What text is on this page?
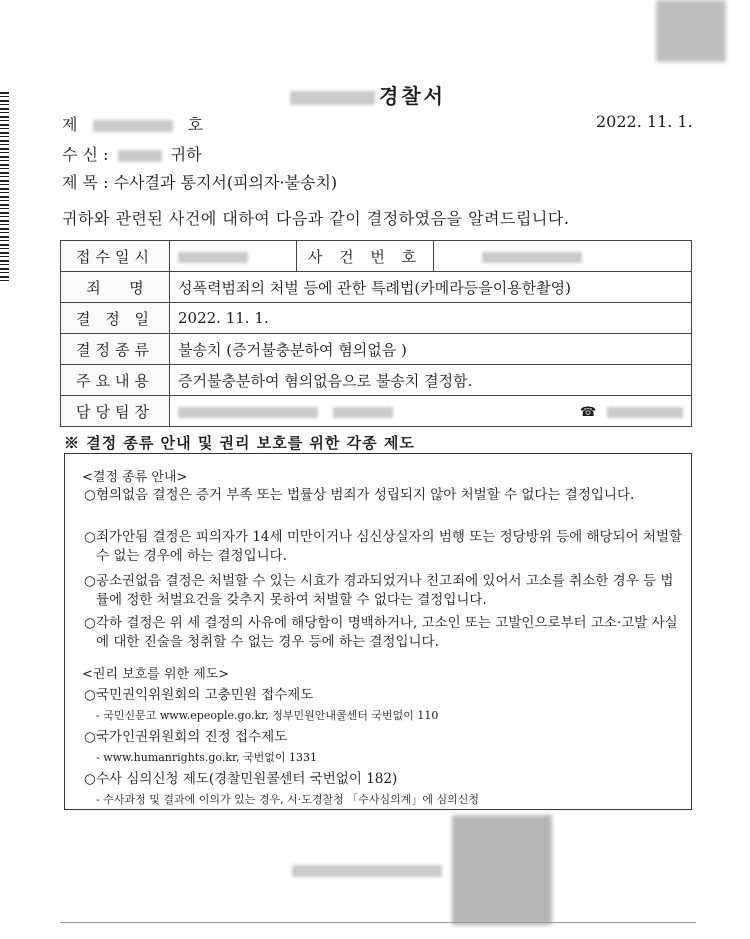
경찰서
제	호	2022. 11. 1.
수 신 :	귀하
제 목 : 수사결과 통지서(피의자·불송치)
귀하와 관련된 사건에 대하여 다음과 같이 결정하였음을 알려드립니다.
접수일시		사 건 번 호	
죄      명	성폭력범죄의 처벌 등에 관한 특례법(카메라등을이용한촬영)		
결 정 일	2022. 11. 1.		
결정종류	불송치 (증거불충분하여 혐의없음 )		
주요내용	증거불충분하여 혐의없음으로 불송치 결정함.		
담당팀장	☎		
※ 결정 종류 안내 및 권리 보호를 위한 각종 제도
<결정 종류 안내>
○ 혐의없음 결정은 증거 부족 또는 법률상 범죄가 성립되지 않아 처벌할 수 없다는 결정입니다.
○ 죄가안됨 결정은 피의자가 14세 미만이거나 심신상실자의 범행 또는 정당방위 등에 해당되어 처벌할 수 없는 경우에 하는 결정입니다.
○ 공소권없음 결정은 처벌할 수 있는 시효가 경과되었거나 친고죄에 있어서 고소를 취소한 경우 등 법률에 정한 처벌요건을 갖추지 못하여 처벌할 수 없다는 결정입니다.
○ 각하 결정은 위 세 결정의 사유에 해당함이 명백하거나, 고소인 또는 고발인으로부터 고소·고발 사실에 대한 진술을 청취할 수 없는 경우 등에 하는 결정입니다.
<권리 보호를 위한 제도>
○ 국민권익위원회의 고충민원 접수제도
- 국민신문고 www.epeople.go.kr, 정부민원안내콜센터 국번없이 110
○ 국가인권위원회의 진정 접수제도
- www.humanrights.go.kr, 국번없이 1331
○ 수사 심의신청 제도(경찰민원콜센터 국번없이 182)
- 수사과정 및 결과에 이의가 있는 경우, 시·도경찰청 「수사심의계」에 심의신청
